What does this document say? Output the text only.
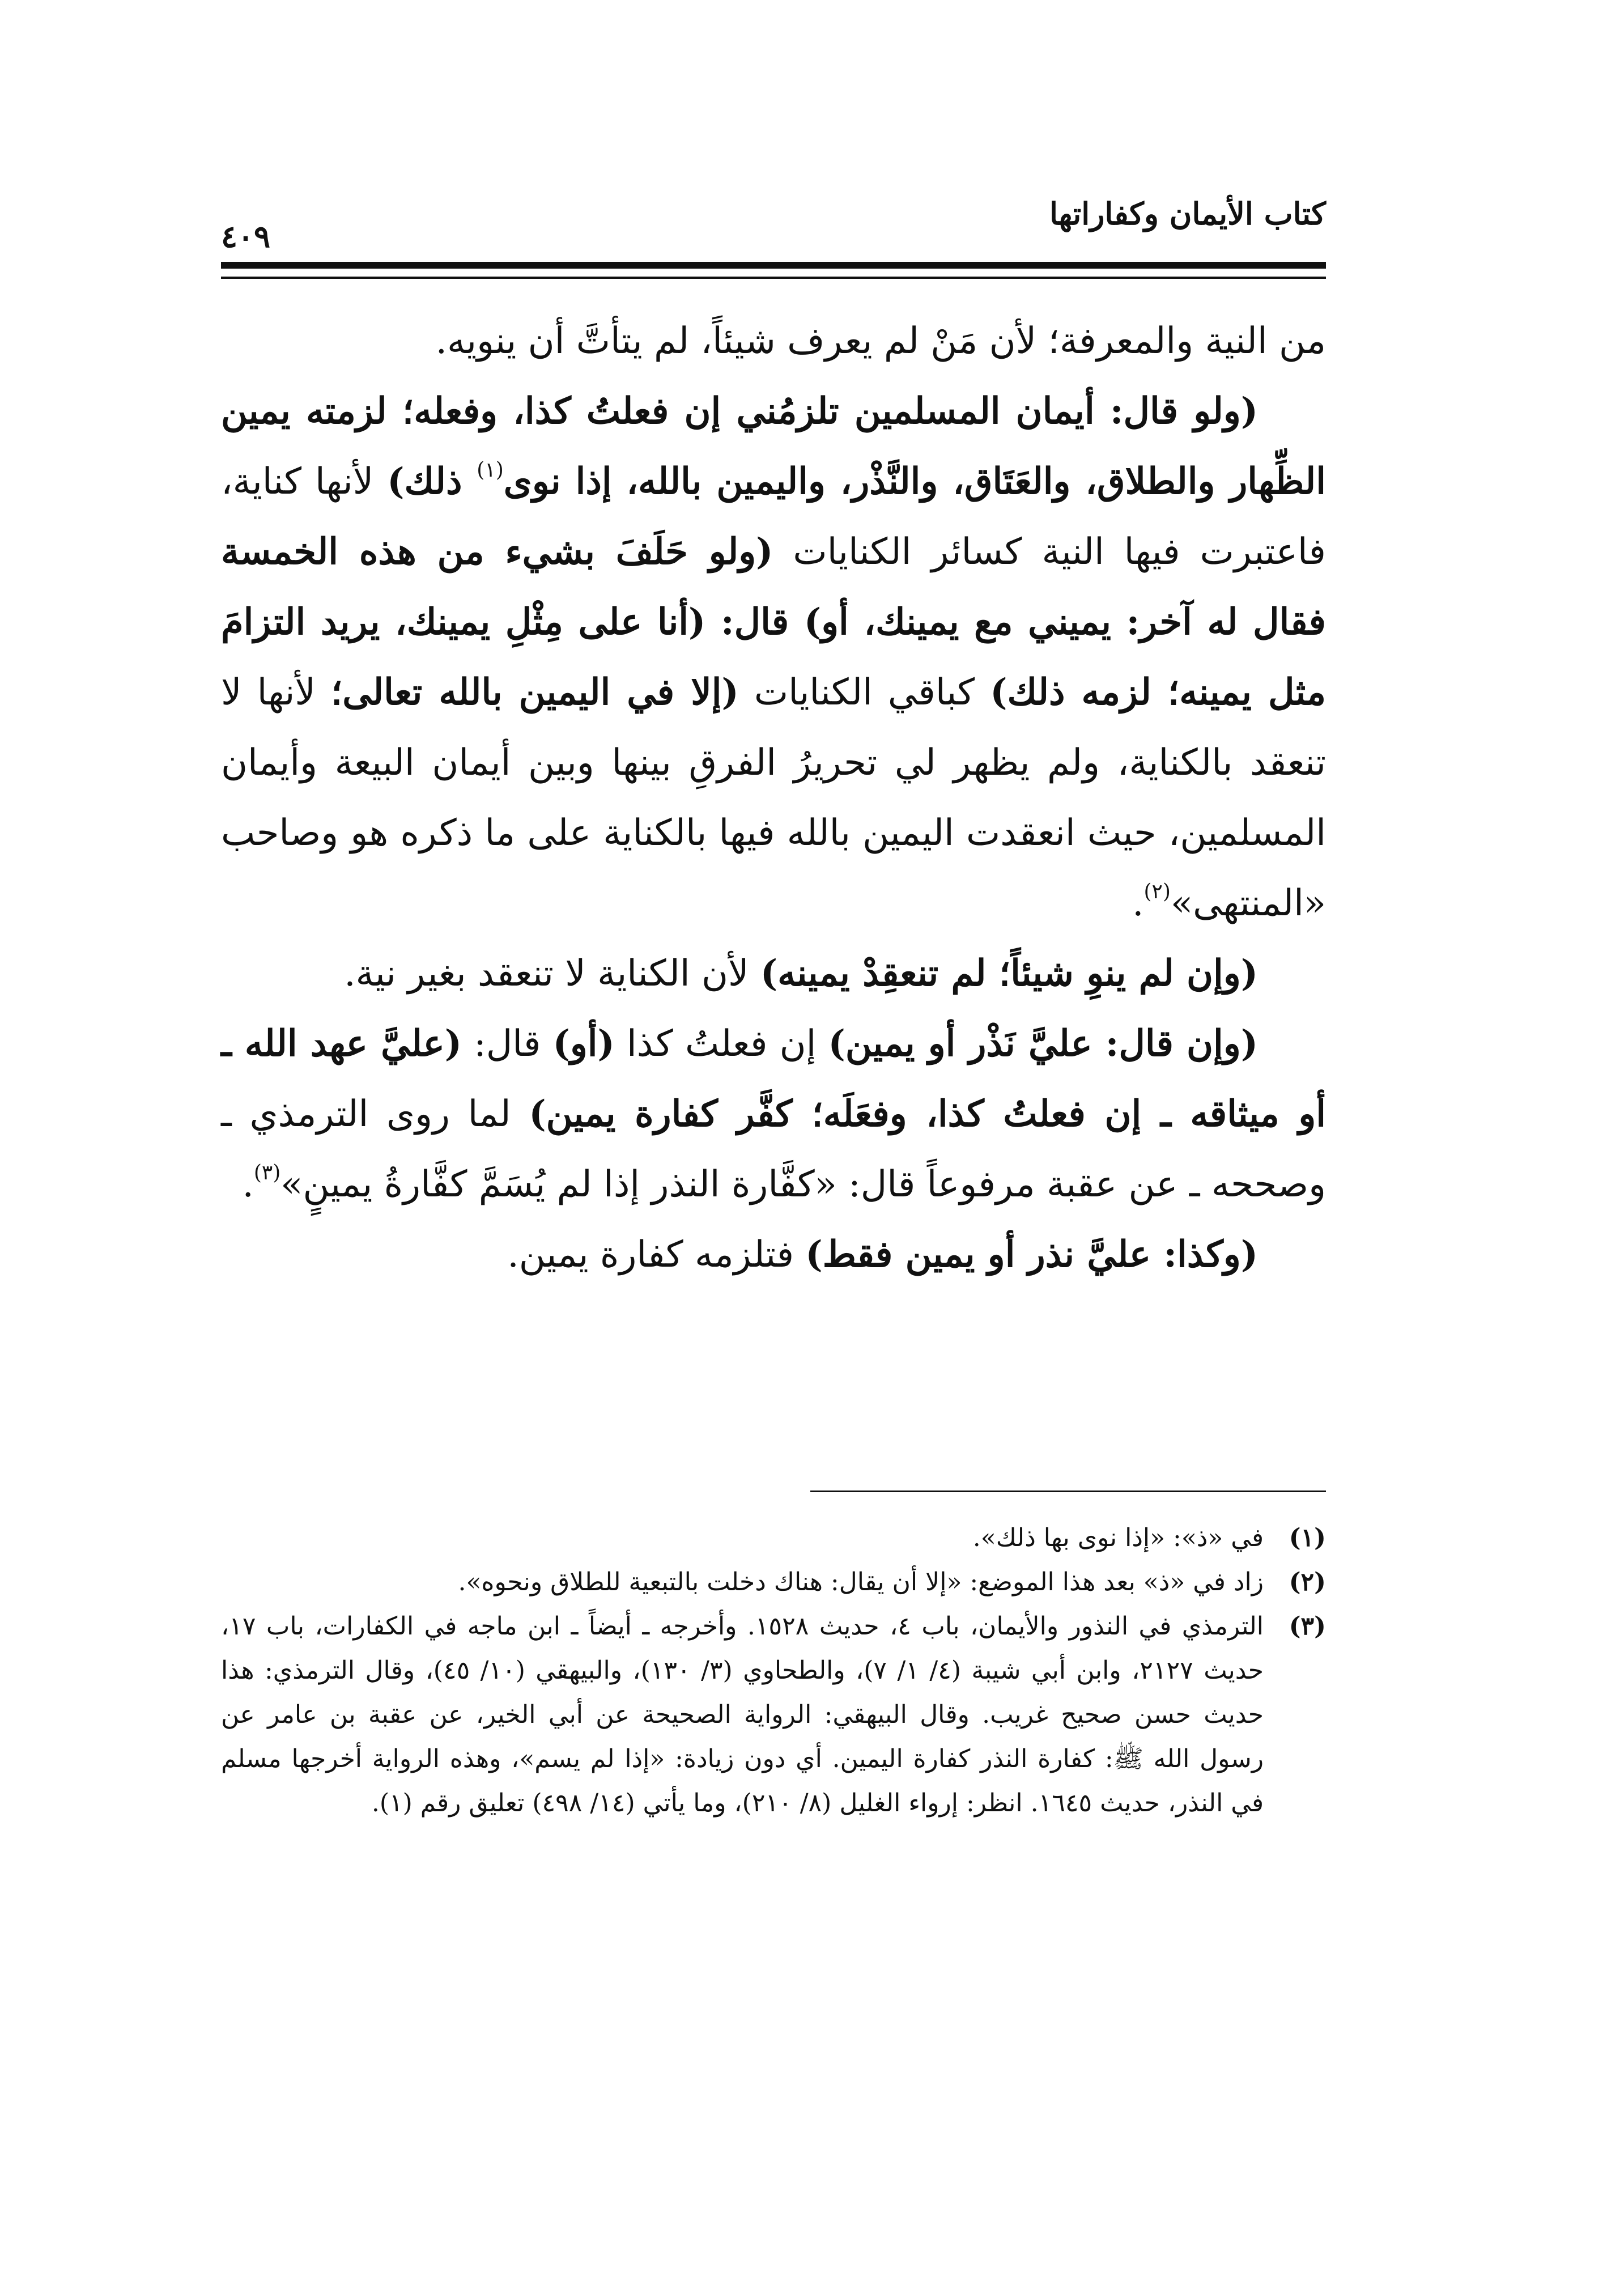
كتاب الأيمان وكفاراتها
٤٠٩

من النية والمعرفة؛ لأن مَنْ لم يعرف شيئاً، لم يتأتَّ أن ينويه.

(ولو قال: أيمان المسلمين تلزمُني إن فعلتُ كذا، وفعله؛ لزمته يمين الظِّهار والطلاق، والعَتَاق، والنَّذْر، واليمين بالله، إذا نوى$^{(١)}$ ذلك) لأنها كناية، فاعتبرت فيها النية كسائر الكنايات (ولو حَلَفَ بشيء من هذه الخمسة فقال له آخر: يميني مع يمينك، أو) قال: (أنا على مِثْلِ يمينك، يريد التزامَ مثل يمينه؛ لزمه ذلك) كباقي الكنايات (إلا في اليمين بالله تعالى؛ لأنها لا تنعقد بالكناية، ولم يظهر لي تحريرُ الفرقِ بينها وبين أيمان البيعة وأيمان المسلمين، حيث انعقدت اليمين بالله فيها بالكناية على ما ذكره هو وصاحب «المنتهى»$^{(٢)}$.

(وإن لم ينوِ شيئاً؛ لم تنعقِدْ يمينه) لأن الكناية لا تنعقد بغير نية.

(وإن قال: عليَّ نَذْر أو يمين) إن فعلتُ كذا (أو) قال: (عليَّ عهد الله ـ أو ميثاقه ـ إن فعلتُ كذا، وفعَلَه؛ كفَّر كفارة يمين) لما روى الترمذي ـ وصححه ـ عن عقبة مرفوعاً قال: «كفَّارة النذر إذا لم يُسَمَّ كفَّارةُ يمينٍ»$^{(٣)}$.

(وكذا: عليَّ نذر أو يمين فقط) فتلزمه كفارة يمين.

(١)
في «ذ»: «إذا نوى بها ذلك».
(٢)
زاد في «ذ» بعد هذا الموضع: «إلا أن يقال: هناك دخلت بالتبعية للطلاق ونحوه».
(٣)
الترمذي في النذور والأيمان، باب ٤، حديث ١٥٢٨. وأخرجه ـ أيضاً ـ ابن ماجه في الكفارات، باب ١٧، حديث ٢١٢٧، وابن أبي شيبة (٤/ ١/ ٧)، والطحاوي (٣/ ١٣٠)، والبيهقي (١٠/ ٤٥)، وقال الترمذي: هذا حديث حسن صحيح غريب. وقال البيهقي: الرواية الصحيحة عن أبي الخير، عن عقبة بن عامر عن رسول الله ﷺ: كفارة النذر كفارة اليمين. أي دون زيادة: «إذا لم يسم»، وهذه الرواية أخرجها مسلم في النذر، حديث ١٦٤٥. انظر: إرواء الغليل (٨/ ٢١٠)، وما يأتي (١٤/ ٤٩٨) تعليق رقم (١).
